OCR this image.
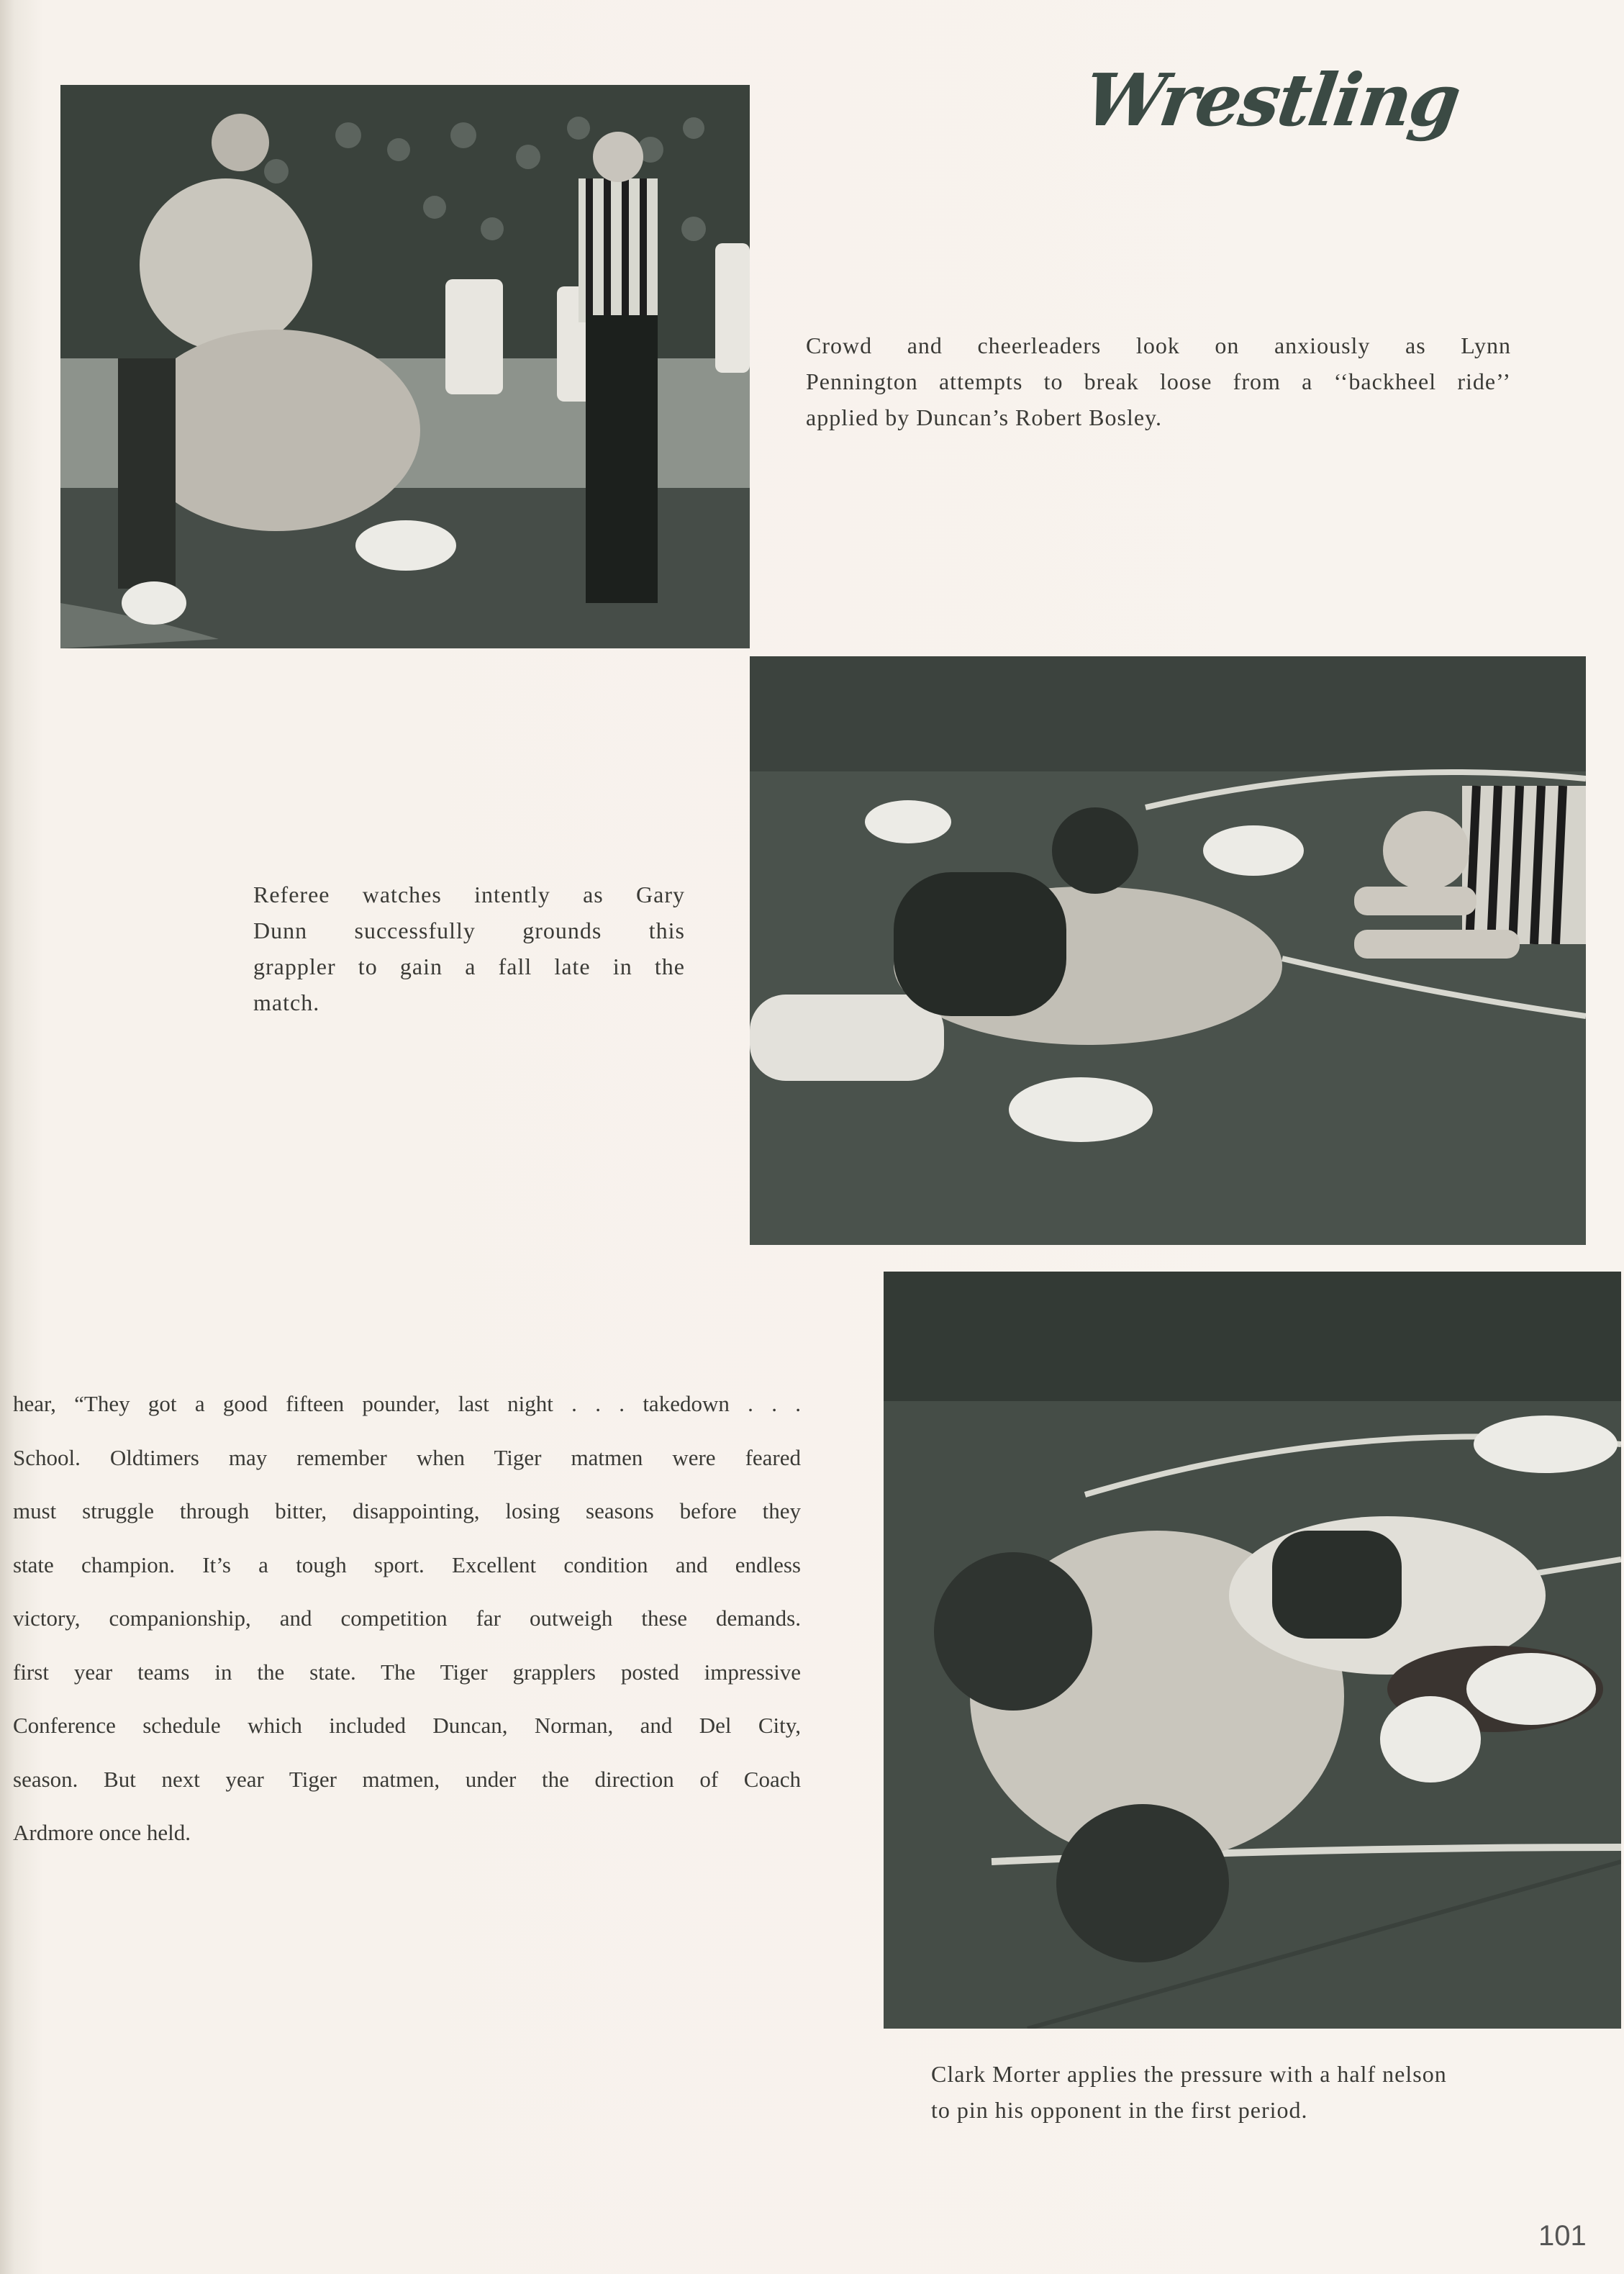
Wrestling
Crowd and cheerleaders look on anxiously as Lynn
Pennington attempts to break loose from a ‘‘backheel ride’’
applied by Duncan’s Robert Bosley.
Referee watches intently as Gary
Dunn successfully grounds this
grappler to gain a fall late in the
match.
Clark Morter applies the pressure with a half nelson
to pin his opponent in the first period.
hear, “They got a good fifteen pounder, last night . . . takedown . . .
School. Oldtimers may remember when Tiger matmen were feared
must struggle through bitter, disappointing, losing seasons before they
state champion. It’s a tough sport. Excellent condition and endless
victory, companionship, and competition far outweigh these demands.
first year teams in the state. The Tiger grapplers posted impressive
Conference schedule which included Duncan, Norman, and Del City,
season. But next year Tiger matmen, under the direction of Coach
Ardmore once held.
101
